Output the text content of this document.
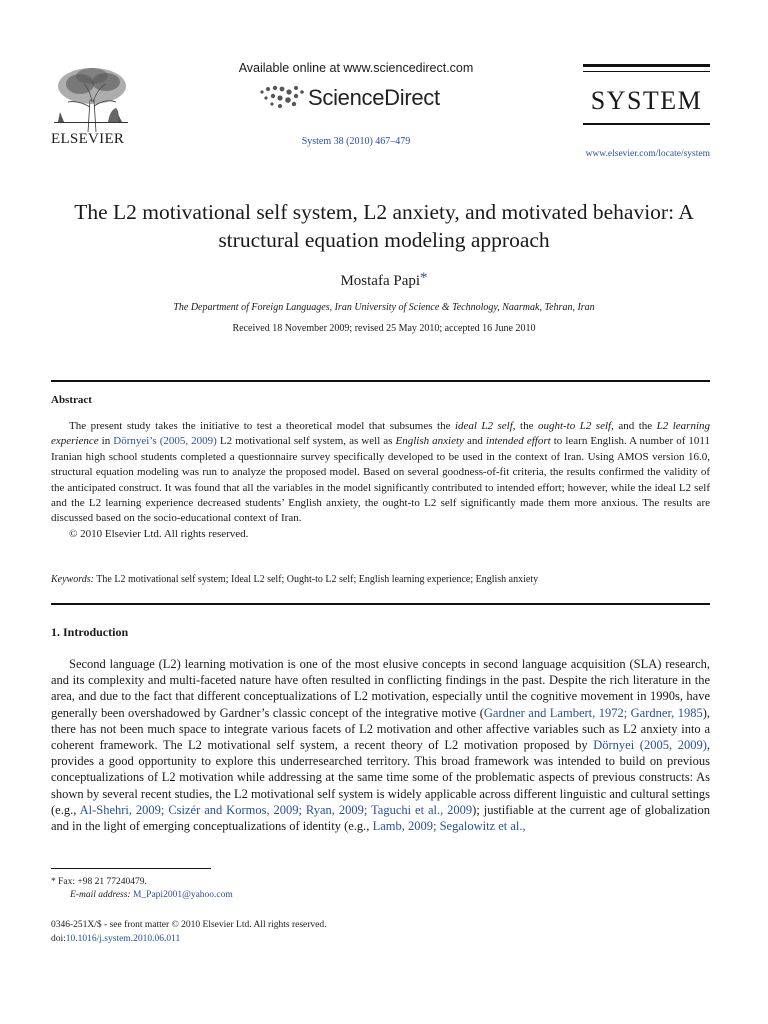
ELSEVIER
Available online at www.sciencedirect.com
ScienceDirect
System 38 (2010) 467–479
SYSTEM
www.elsevier.com/locate/system
The L2 motivational self system, L2 anxiety, and motivated behavior: A structural equation modeling approach
Mostafa Papi*
The Department of Foreign Languages, Iran University of Science & Technology, Naarmak, Tehran, Iran
Received 18 November 2009; revised 25 May 2010; accepted 16 June 2010
Abstract

The present study takes the initiative to test a theoretical model that subsumes the ideal L2 self, the ought-to L2 self, and the L2 learning experience in Dörnyei’s (2005, 2009) L2 motivational self system, as well as English anxiety and intended effort to learn English. A number of 1011 Iranian high school students completed a questionnaire survey specifically developed to be used in the context of Iran. Using AMOS version 16.0, structural equation modeling was run to analyze the proposed model. Based on several goodness-of-fit criteria, the results confirmed the validity of the anticipated construct. It was found that all the variables in the model significantly contributed to intended effort; however, while the ideal L2 self and the L2 learning experience decreased students’ English anxiety, the ought-to L2 self significantly made them more anxious. The results are discussed based on the socio-educational context of Iran.

© 2010 Elsevier Ltd. All rights reserved.

Keywords: The L2 motivational self system; Ideal L2 self; Ought-to L2 self; English learning experience; English anxiety
1. Introduction

Second language (L2) learning motivation is one of the most elusive concepts in second language acquisition (SLA) research, and its complexity and multi-faceted nature have often resulted in conflicting findings in the past. Despite the rich literature in the area, and due to the fact that different conceptualizations of L2 motivation, especially until the cognitive movement in 1990s, have generally been overshadowed by Gardner’s classic concept of the integrative motive (Gardner and Lambert, 1972; Gardner, 1985), there has not been much space to integrate various facets of L2 motivation and other affective variables such as L2 anxiety into a coherent framework. The L2 motivational self system, a recent theory of L2 motivation proposed by Dörnyei (2005, 2009), provides a good opportunity to explore this underresearched territory. This broad framework was intended to build on previous conceptualizations of L2 motivation while addressing at the same time some of the problematic aspects of previous constructs: As shown by several recent studies, the L2 motivational self system is widely applicable across different linguistic and cultural settings (e.g., Al-Shehri, 2009; Csizér and Kormos, 2009; Ryan, 2009; Taguchi et al., 2009); justifiable at the current age of globalization and in the light of emerging conceptualizations of identity (e.g., Lamb, 2009; Segalowitz et al.,

* Fax: +98 21 77240479.
E-mail address: M_Papi2001@yahoo.com
0346-251X/$ - see front matter © 2010 Elsevier Ltd. All rights reserved.
doi:10.1016/j.system.2010.06.011
